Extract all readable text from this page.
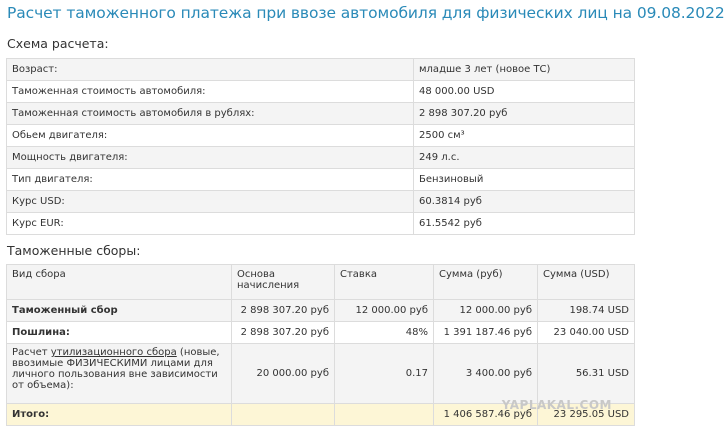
Расчет таможенного платежа при ввозе автомобиля для физических лиц на 09.08.2022
Схема расчета:
Возраст:	младше 3 лет (новое ТС)
Таможенная стоимость автомобиля:	48 000.00 USD
Таможенная стоимость автомобиля в рублях:	2 898 307.20 руб
Обьем двигателя:	2500 см³
Мощность двигателя:	249 л.с.
Тип двигателя:	Бензиновый
Курс USD:	60.3814 руб
Курс EUR:	61.5542 руб
Таможенные сборы:
Вид сбора	Основа начисления	Ставка	Сумма (руб)	Сумма (USD)
Таможенный сбор	2 898 307.20 руб	12 000.00 руб	12 000.00 руб	198.74 USD
Пошлина:	2 898 307.20 руб	48%	1 391 187.46 руб	23 040.00 USD
Расчет утилизационного сбора (новые, ввозимые ФИЗИЧЕСКИМИ лицами для личного пользования вне зависимости от объема):	20 000.00 руб	0.17	3 400.00 руб	56.31 USD
Итого:			1 406 587.46 руб	23 295.05 USD
YAPLAKAL.COM
